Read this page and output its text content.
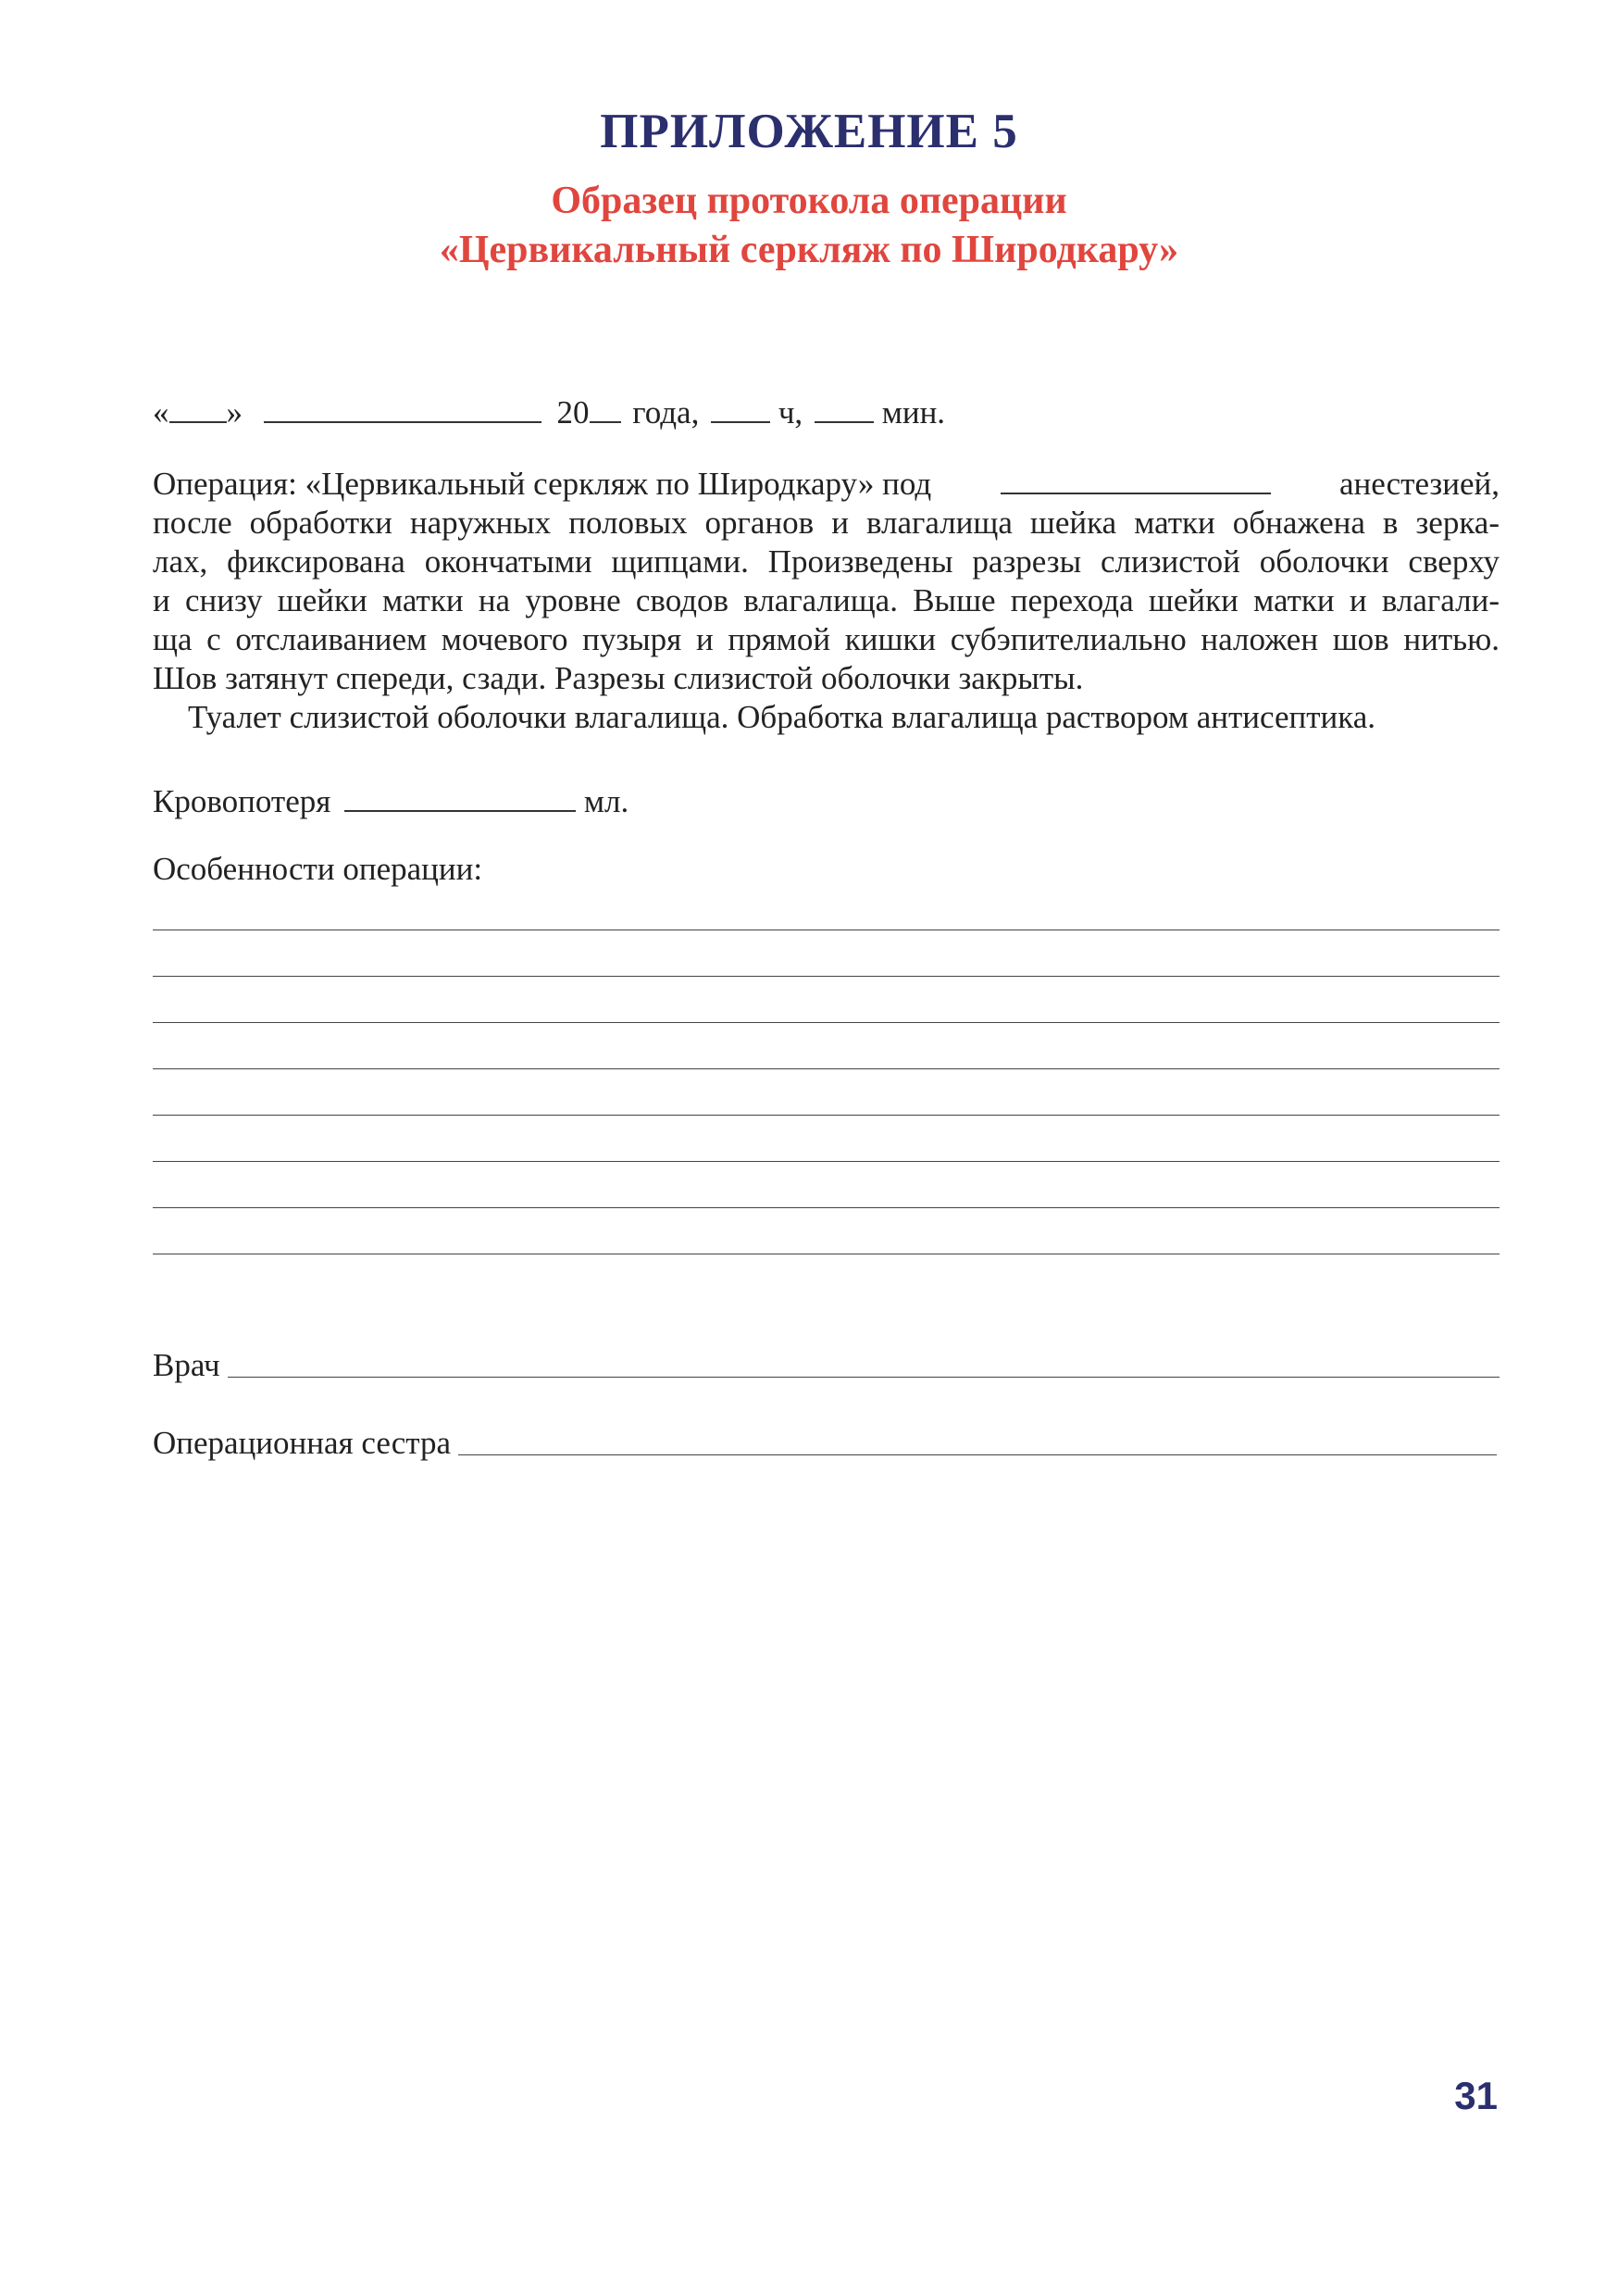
ПРИЛОЖЕНИЕ 5
Образец протокола операции
«Цервикальный серкляж по Широдкару»
« »	20 года, ч, мин.
Операция: «Цервикальный серкляж по Широдкару» под	анестезией,
после обработки наружных половых органов и влагалища шейка матки обнажена в зерка-
лах, фиксирована окончатыми щипцами. Произведены разрезы слизистой оболочки сверху
и снизу шейки матки на уровне сводов влагалища. Выше перехода шейки матки и влагали-
ща с отслаиванием мочевого пузыря и прямой кишки субэпителиально наложен шов нитью.
Шов затянут спереди, сзади. Разрезы слизистой оболочки закрыты.
Туалет слизистой оболочки влагалища. Обработка влагалища раствором антисептика.
Кровопотеря	мл.
Особенности операции:
Врач
Операционная сестра
31
